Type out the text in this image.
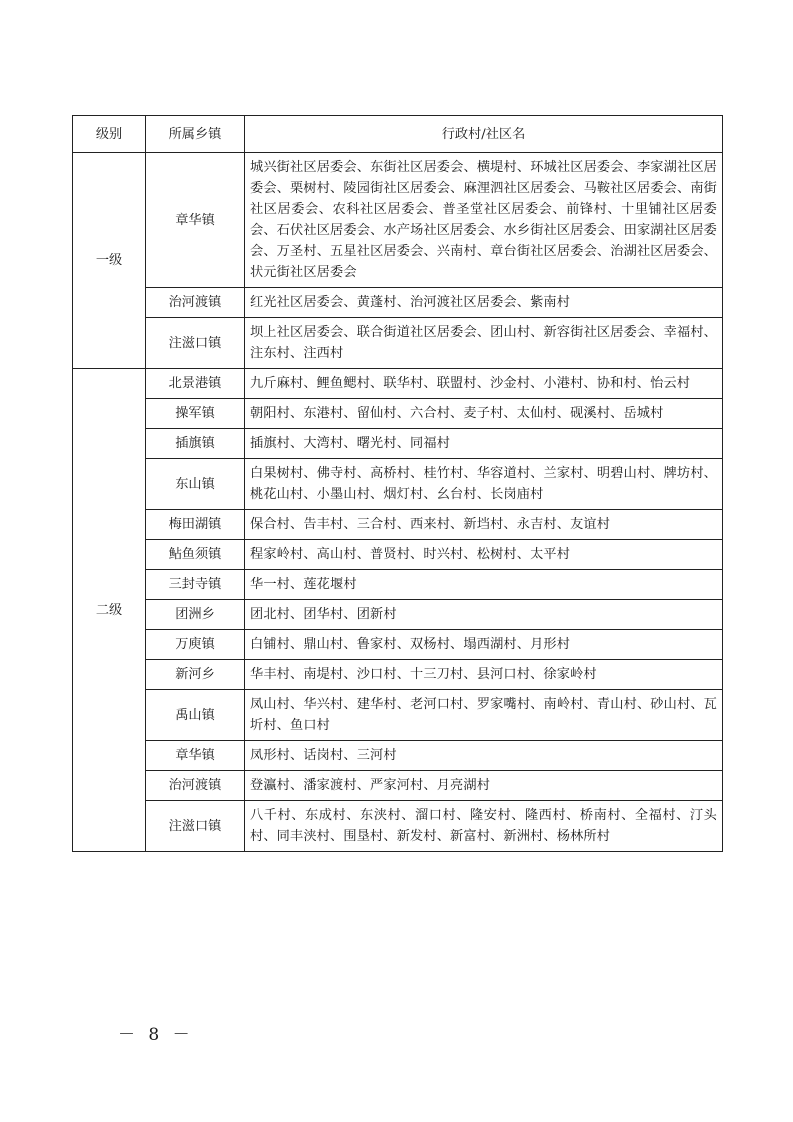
级别	所属乡镇	行政村/社区名
一级	章华镇	城兴街社区居委会、东街社区居委会、横堤村、环城社区居委会、李家湖社区居委会、栗树村、陵园街社区居委会、麻浬泗社区居委会、马鞍社区居委会、南街社区居委会、农科社区居委会、普圣堂社区居委会、前锋村、十里铺社区居委会、石伏社区居委会、水产场社区居委会、水乡街社区居委会、田家湖社区居委会、万圣村、五星社区居委会、兴南村、章台街社区居委会、治湖社区居委会、状元街社区居委会
	治河渡镇	红光社区居委会、黄蓬村、治河渡社区居委会、紫南村
	注滋口镇	坝上社区居委会、联合街道社区居委会、团山村、新容街社区居委会、幸福村、注东村、注西村
二级	北景港镇	九斤麻村、鲤鱼鳃村、联华村、联盟村、沙金村、小港村、协和村、怡云村
	操军镇	朝阳村、东港村、留仙村、六合村、麦子村、太仙村、砚溪村、岳城村
	插旗镇	插旗村、大湾村、曙光村、同福村
	东山镇	白果树村、佛寺村、高桥村、桂竹村、华容道村、兰家村、明碧山村、牌坊村、桃花山村、小墨山村、烟灯村、幺台村、长岗庙村
	梅田湖镇	保合村、告丰村、三合村、西来村、新垱村、永吉村、友谊村
	鲇鱼须镇	程家岭村、高山村、普贤村、时兴村、松树村、太平村
	三封寺镇	华一村、莲花堰村
	团洲乡	团北村、团华村、团新村
	万庾镇	白铺村、鼎山村、鲁家村、双杨村、塌西湖村、月形村
	新河乡	华丰村、南堤村、沙口村、十三刀村、县河口村、徐家岭村
	禹山镇	凤山村、华兴村、建华村、老河口村、罗家嘴村、南岭村、青山村、砂山村、瓦圻村、鱼口村
	章华镇	凤形村、话岗村、三河村
	治河渡镇	登瀛村、潘家渡村、严家河村、月亮湖村
	注滋口镇	八千村、东成村、东浃村、溜口村、隆安村、隆西村、桥南村、全福村、汀头村、同丰浃村、围垦村、新发村、新富村、新洲村、杨林所村
－ 8 －
